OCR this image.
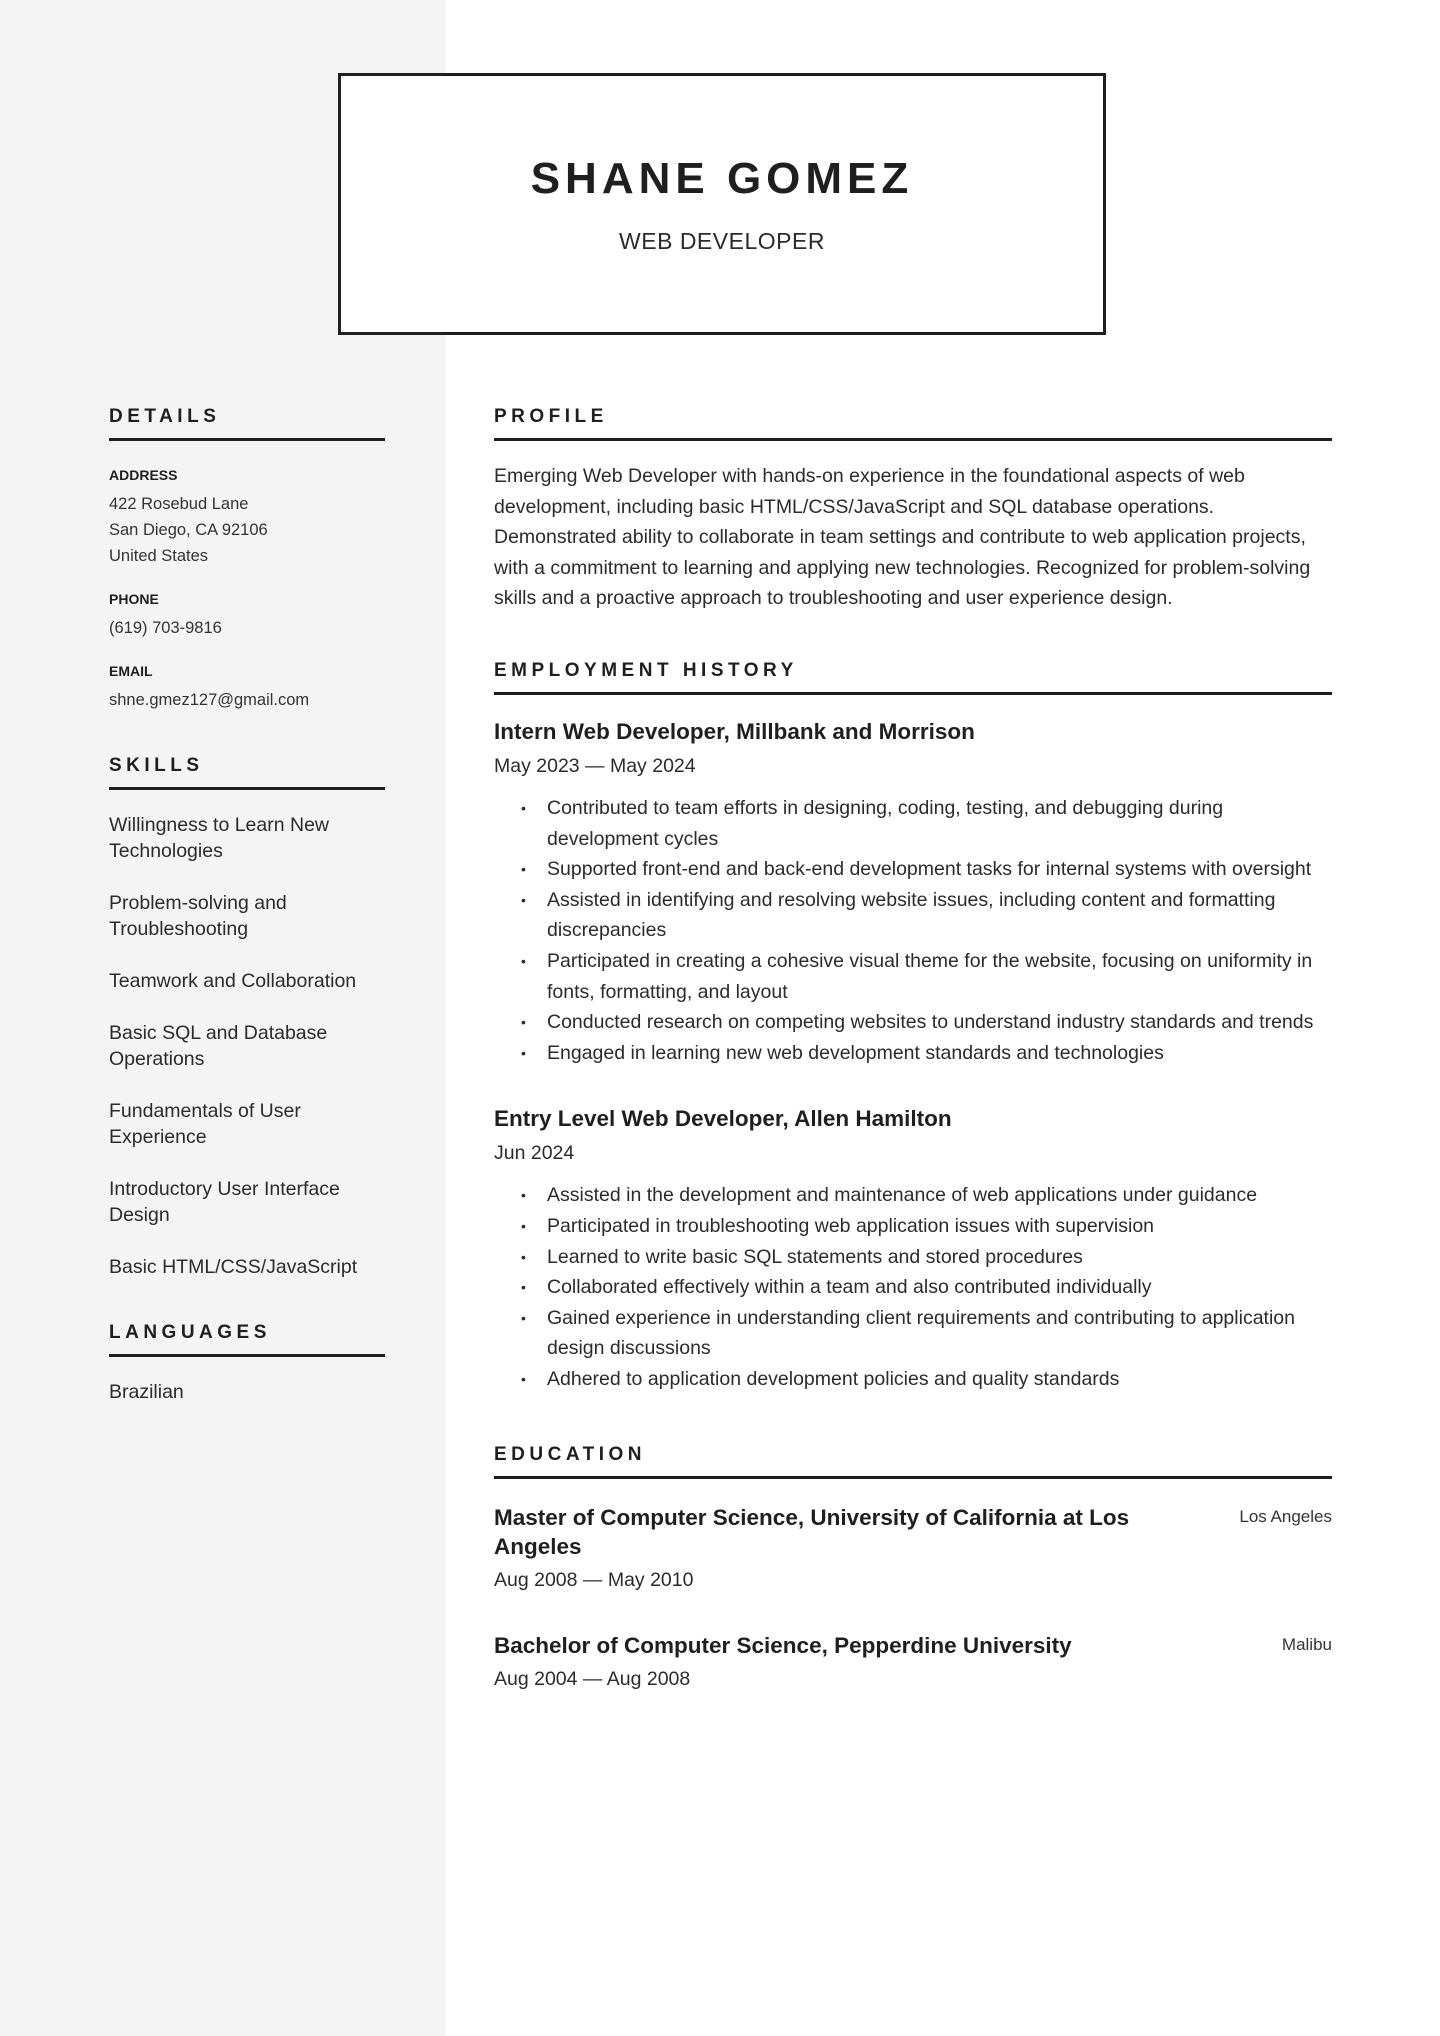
SHANE GOMEZ
WEB DEVELOPER
DETAILS
ADDRESS
422 Rosebud Lane
San Diego, CA 92106
United States
PHONE
(619) 703-9816
EMAIL
shne.gmez127@gmail.com
SKILLS
Willingness to Learn New Technologies
Problem-solving and Troubleshooting
Teamwork and Collaboration
Basic SQL and Database Operations
Fundamentals of User Experience
Introductory User Interface Design
Basic HTML/CSS/JavaScript
LANGUAGES
Brazilian
PROFILE
Emerging Web Developer with hands-on experience in the foundational aspects of web development, including basic HTML/CSS/JavaScript and SQL database operations. Demonstrated ability to collaborate in team settings and contribute to web application projects, with a commitment to learning and applying new technologies. Recognized for problem-solving skills and a proactive approach to troubleshooting and user experience design.
EMPLOYMENT HISTORY
Intern Web Developer, Millbank and Morrison
May 2023 — May 2024
• Contributed to team efforts in designing, coding, testing, and debugging during development cycles
• Supported front-end and back-end development tasks for internal systems with oversight
• Assisted in identifying and resolving website issues, including content and formatting discrepancies
• Participated in creating a cohesive visual theme for the website, focusing on uniformity in fonts, formatting, and layout
• Conducted research on competing websites to understand industry standards and trends
• Engaged in learning new web development standards and technologies
Entry Level Web Developer, Allen Hamilton
Jun 2024
• Assisted in the development and maintenance of web applications under guidance
• Participated in troubleshooting web application issues with supervision
• Learned to write basic SQL statements and stored procedures
• Collaborated effectively within a team and also contributed individually
• Gained experience in understanding client requirements and contributing to application design discussions
• Adhered to application development policies and quality standards
EDUCATION
Master of Computer Science, University of California at Los Angeles
Los Angeles
Aug 2008 — May 2010
Bachelor of Computer Science, Pepperdine University	Malibu
Aug 2004 — Aug 2008
